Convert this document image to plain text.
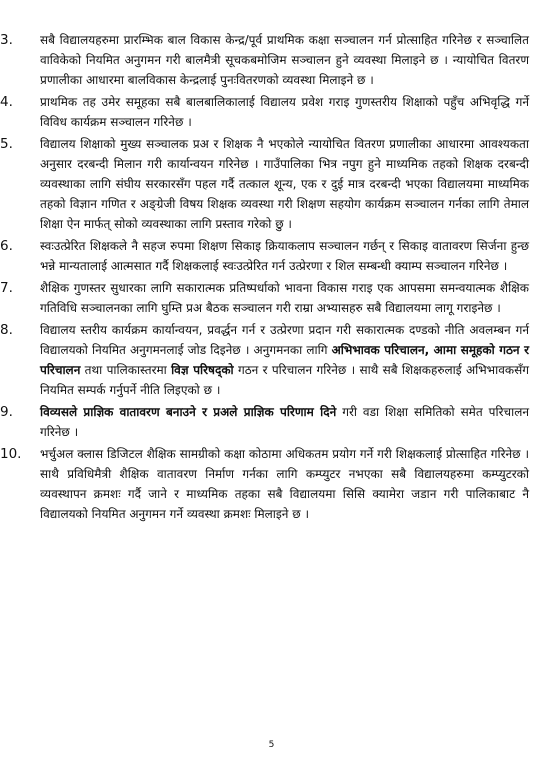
3. सबै विद्यालयहरुमा प्रारम्भिक बाल विकास केन्द्र/पूर्व प्राथमिक कक्षा सञ्चालन गर्न प्रोत्साहित गरिनेछ र सञ्चालित वाविकेको नियमित अनुगमन गरी बालमैत्री सूचकबमोजिम सञ्चालन हुने व्यवस्था मिलाइने छ । न्यायोचित वितरण प्रणालीका आधारमा बालविकास केन्द्रलाई पुनःवितरणको व्यवस्था मिलाइने छ ।
4. प्राथमिक तह उमेर समूहका सबै बालबालिकालाई विद्यालय प्रवेश गराइ गुणस्तरीय शिक्षाको पहुँच अभिवृद्धि गर्ने विविध कार्यक्रम सञ्चालन गरिनेछ ।
5. विद्यालय शिक्षाको मुख्य सञ्चालक प्रअ र शिक्षक नै भएकोले न्यायोचित वितरण प्रणालीका आधारमा आवश्यकता अनुसार दरबन्दी मिलान गरी कार्यान्वयन गरिनेछ । गाउँपालिका भित्र नपुग हुने माध्यमिक तहको शिक्षक दरबन्दी व्यवस्थाका लागि संघीय सरकारसँग पहल गर्दै तत्काल शून्य, एक र दुई मात्र दरबन्दी भएका विद्यालयमा माध्यमिक तहको विज्ञान गणित र अङ्ग्रेजी विषय शिक्षक व्यवस्था गरी शिक्षण सहयोग कार्यक्रम सञ्चालन गर्नका लागि तेमाल शिक्षा ऐन मार्फत् सोको व्यवस्थाका लागि प्रस्ताव गरेको छु ।
6. स्वःउत्प्रेरित शिक्षकले नै सहज रुपमा शिक्षण सिकाइ क्रियाकलाप सञ्चालन गर्छन् र सिकाइ वातावरण सिर्जना हुन्छ भन्ने मान्यतालाई आत्मसात गर्दै शिक्षकलाई स्वःउत्प्रेरित गर्न उत्प्रेरणा र शिल सम्बन्धी क्याम्प सञ्चालन गरिनेछ ।
7. शैक्षिक गुणस्तर सुधारका लागि सकारात्मक प्रतिष्पर्धाको भावना विकास गराइ एक आपसमा समन्वयात्मक शैक्षिक गतिविधि सञ्चालनका लागि घुम्ति प्रअ बैठक सञ्चालन गरी राम्रा अभ्यासहरु सबै विद्यालयमा लागू गराइनेछ ।
8. विद्यालय स्तरीय कार्यक्रम कार्यान्वयन, प्रवर्द्धन गर्न र उत्प्रेरणा प्रदान गरी सकारात्मक दण्डको नीति अवलम्बन गर्न विद्यालयको नियमित अनुगमनलाई जोड दिइनेछ । अनुगमनका लागि अभिभावक परिचालन, आमा समूहको गठन र परिचालन तथा पालिकास्तरमा विज्ञ परिषद्को गठन र परिचालन गरिनेछ । साथै सबै शिक्षकहरुलाई अभिभावकसँग नियमित सम्पर्क गर्नुपर्ने नीति लिइएको छ ।
9. विव्यसले प्राज्ञिक वातावरण बनाउने र प्रअले प्राज्ञिक परिणाम दिने गरी वडा शिक्षा समितिको समेत परिचालन गरिनेछ ।
10. भर्चुअल क्लास डिजिटल शैक्षिक सामग्रीको कक्षा कोठामा अधिकतम प्रयोग गर्ने गरी शिक्षकलाई प्रोत्साहित गरिनेछ । साथै प्रविधिमैत्री शैक्षिक वातावरण निर्माण गर्नका लागि कम्प्युटर नभएका सबै विद्यालयहरुमा कम्प्युटरको व्यवस्थापन क्रमशः गर्दै जाने र माध्यमिक तहका सबै विद्यालयमा सिसि क्यामेरा जडान गरी पालिकाबाट नै विद्यालयको नियमित अनुगमन गर्ने व्यवस्था क्रमशः मिलाइने छ ।
5
